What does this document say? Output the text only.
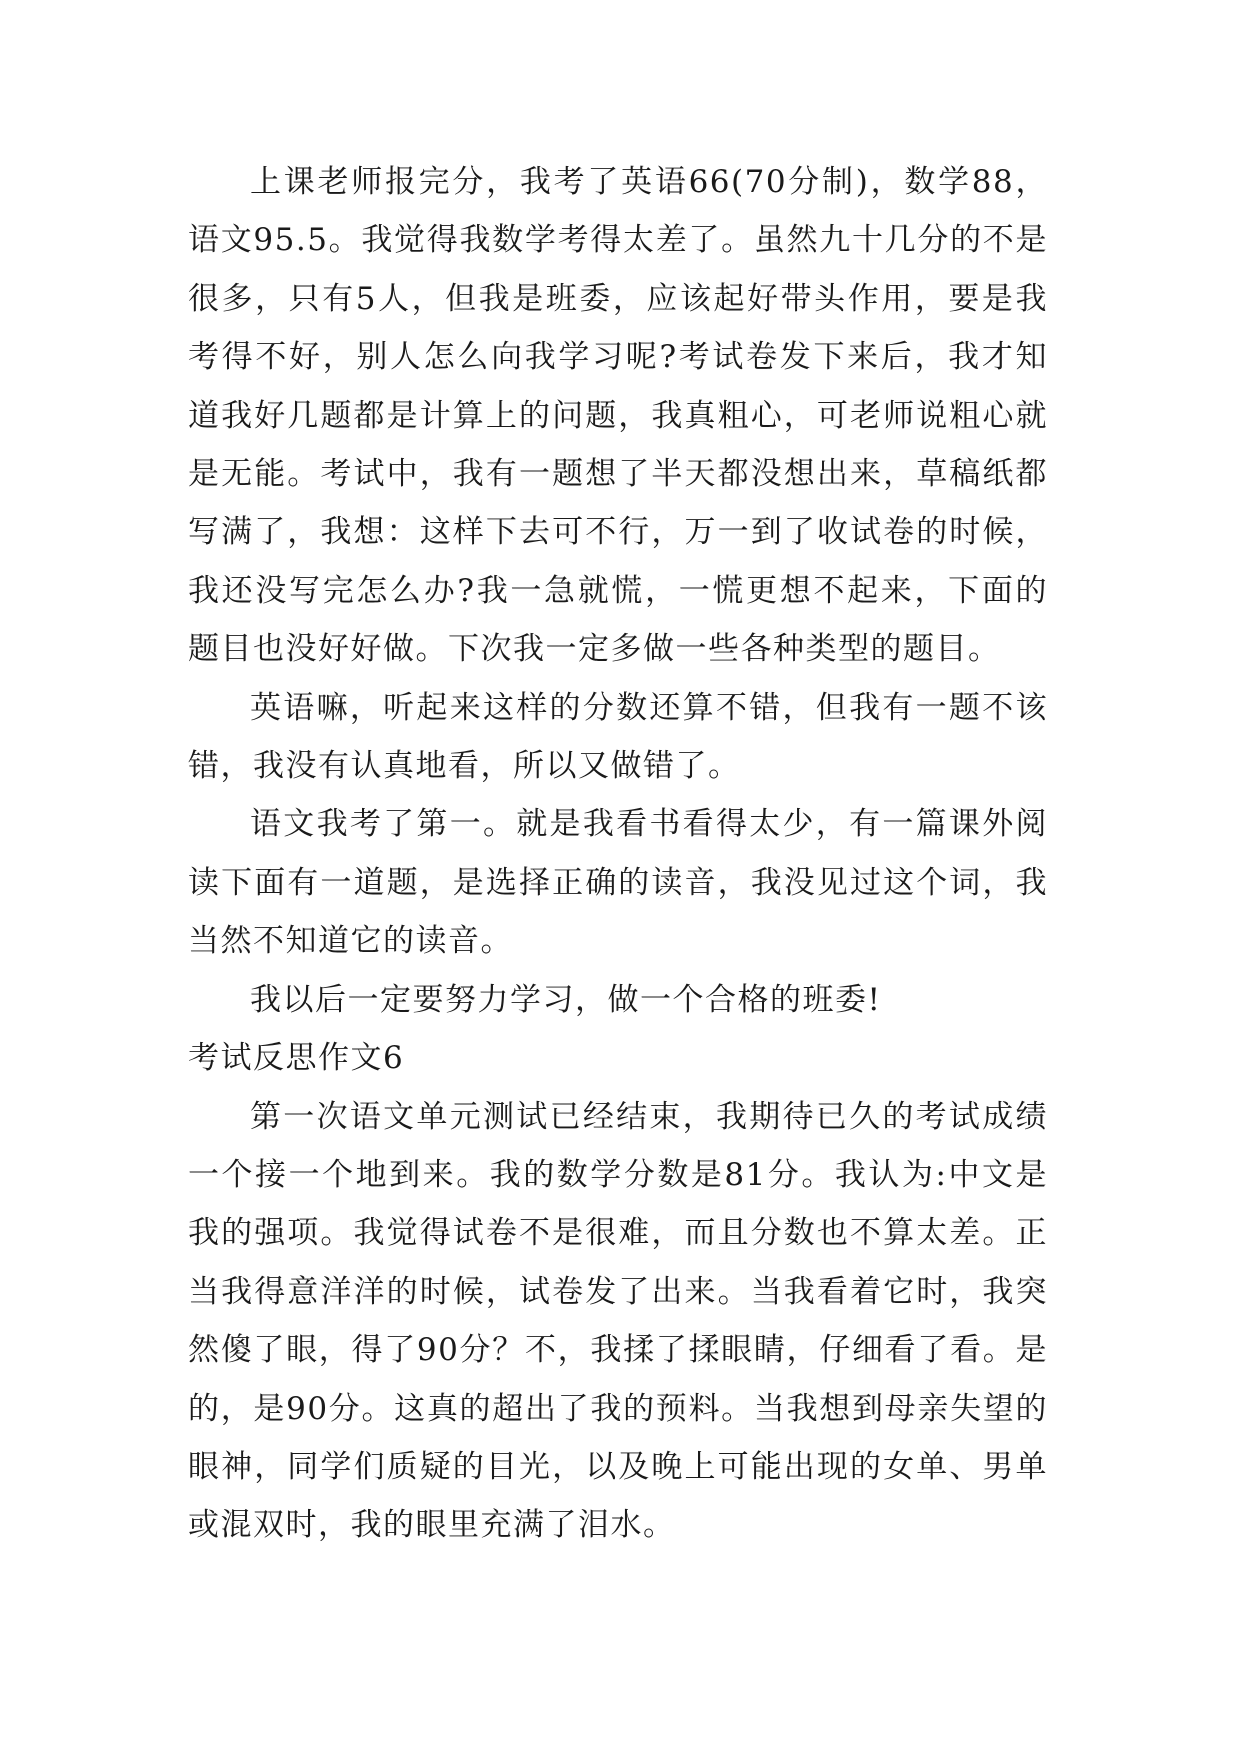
上课老师报完分，我考了英语66(70分制)，数学88，语文95.5。我觉得我数学考得太差了。虽然九十几分的不是很多，只有5人，但我是班委，应该起好带头作用，要是我考得不好，别人怎么向我学习呢?考试卷发下来后，我才知道我好几题都是计算上的问题，我真粗心，可老师说粗心就是无能。考试中，我有一题想了半天都没想出来，草稿纸都写满了，我想：这样下去可不行，万一到了收试卷的时候，我还没写完怎么办?我一急就慌，一慌更想不起来，下面的题目也没好好做。下次我一定多做一些各种类型的题目。

英语嘛，听起来这样的分数还算不错，但我有一题不该错，我没有认真地看，所以又做错了。

语文我考了第一。就是我看书看得太少，有一篇课外阅读下面有一道题，是选择正确的读音，我没见过这个词，我当然不知道它的读音。

我以后一定要努力学习，做一个合格的班委!

考试反思作文6

第一次语文单元测试已经结束，我期待已久的考试成绩一个接一个地到来。我的数学分数是81分。我认为:中文是我的强项。我觉得试卷不是很难，而且分数也不算太差。正当我得意洋洋的时候，试卷发了出来。当我看着它时，我突然傻了眼，得了90分？不，我揉了揉眼睛，仔细看了看。是的，是90分。这真的超出了我的预料。当我想到母亲失望的眼神，同学们质疑的目光，以及晚上可能出现的女单、男单或混双时，我的眼里充满了泪水。
